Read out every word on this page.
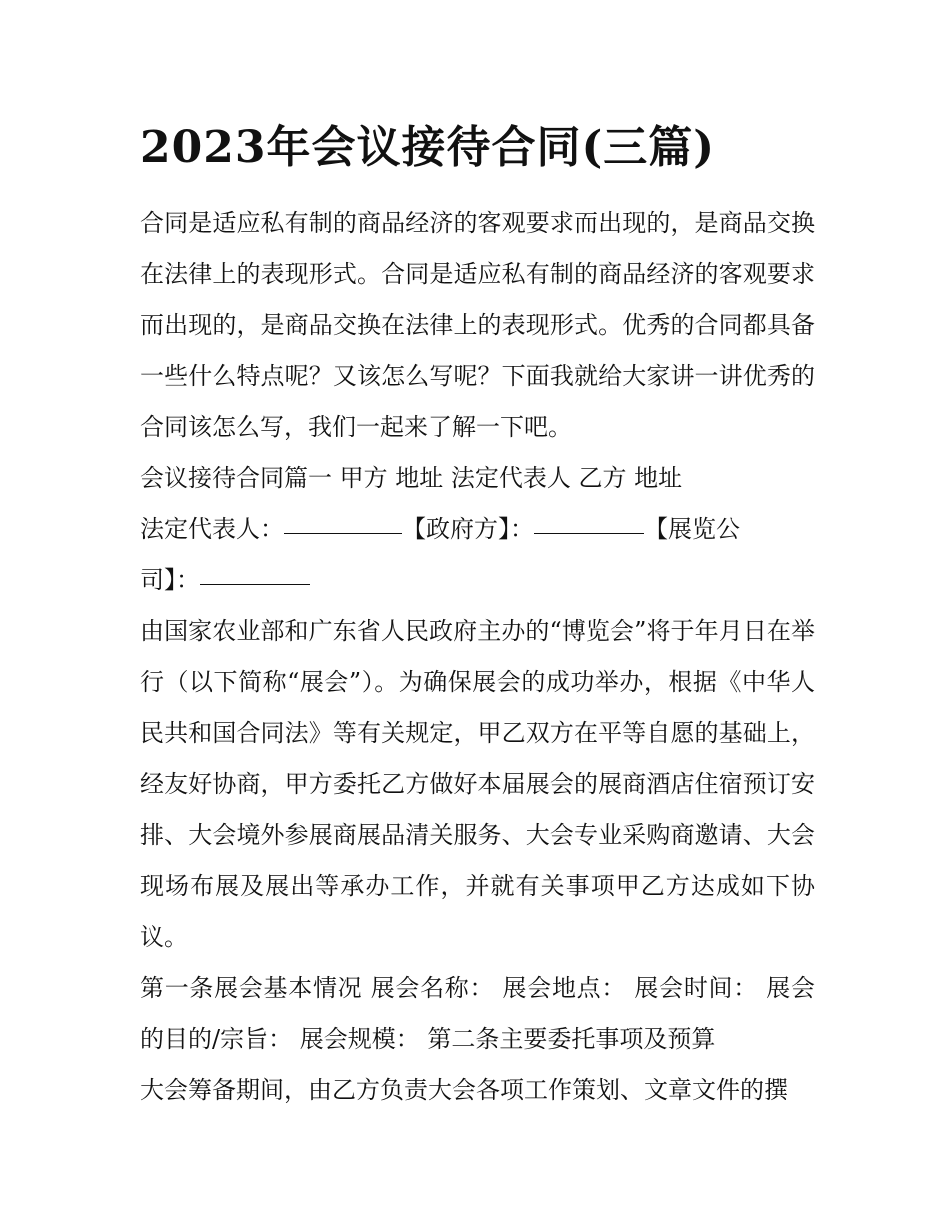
2023年会议接待合同(三篇)

合同是适应私有制的商品经济的客观要求而出现的，是商品交换在法律上的表现形式。合同是适应私有制的商品经济的客观要求而出现的，是商品交换在法律上的表现形式。优秀的合同都具备一些什么特点呢？又该怎么写呢？下面我就给大家讲一讲优秀的合同该怎么写，我们一起来了解一下吧。

会议接待合同篇一 甲方 地址 法定代表人 乙方 地址

法定代表人：	【政府方】：	【展览公
司】：

由国家农业部和广东省人民政府主办的“博览会”将于年月日在举行（以下简称“展会”）。为确保展会的成功举办，根据《中华人民共和国合同法》等有关规定，甲乙双方在平等自愿的基础上，经友好协商，甲方委托乙方做好本届展会的展商酒店住宿预订安排、大会境外参展商展品清关服务、大会专业采购商邀请、大会现场布展及展出等承办工作，并就有关事项甲乙方达成如下协议。

第一条展会基本情况 展会名称： 展会地点： 展会时间： 展会的目的/宗旨： 展会规模： 第二条主要委托事项及预算

大会筹备期间，由乙方负责大会各项工作策划、文章文件的撰
